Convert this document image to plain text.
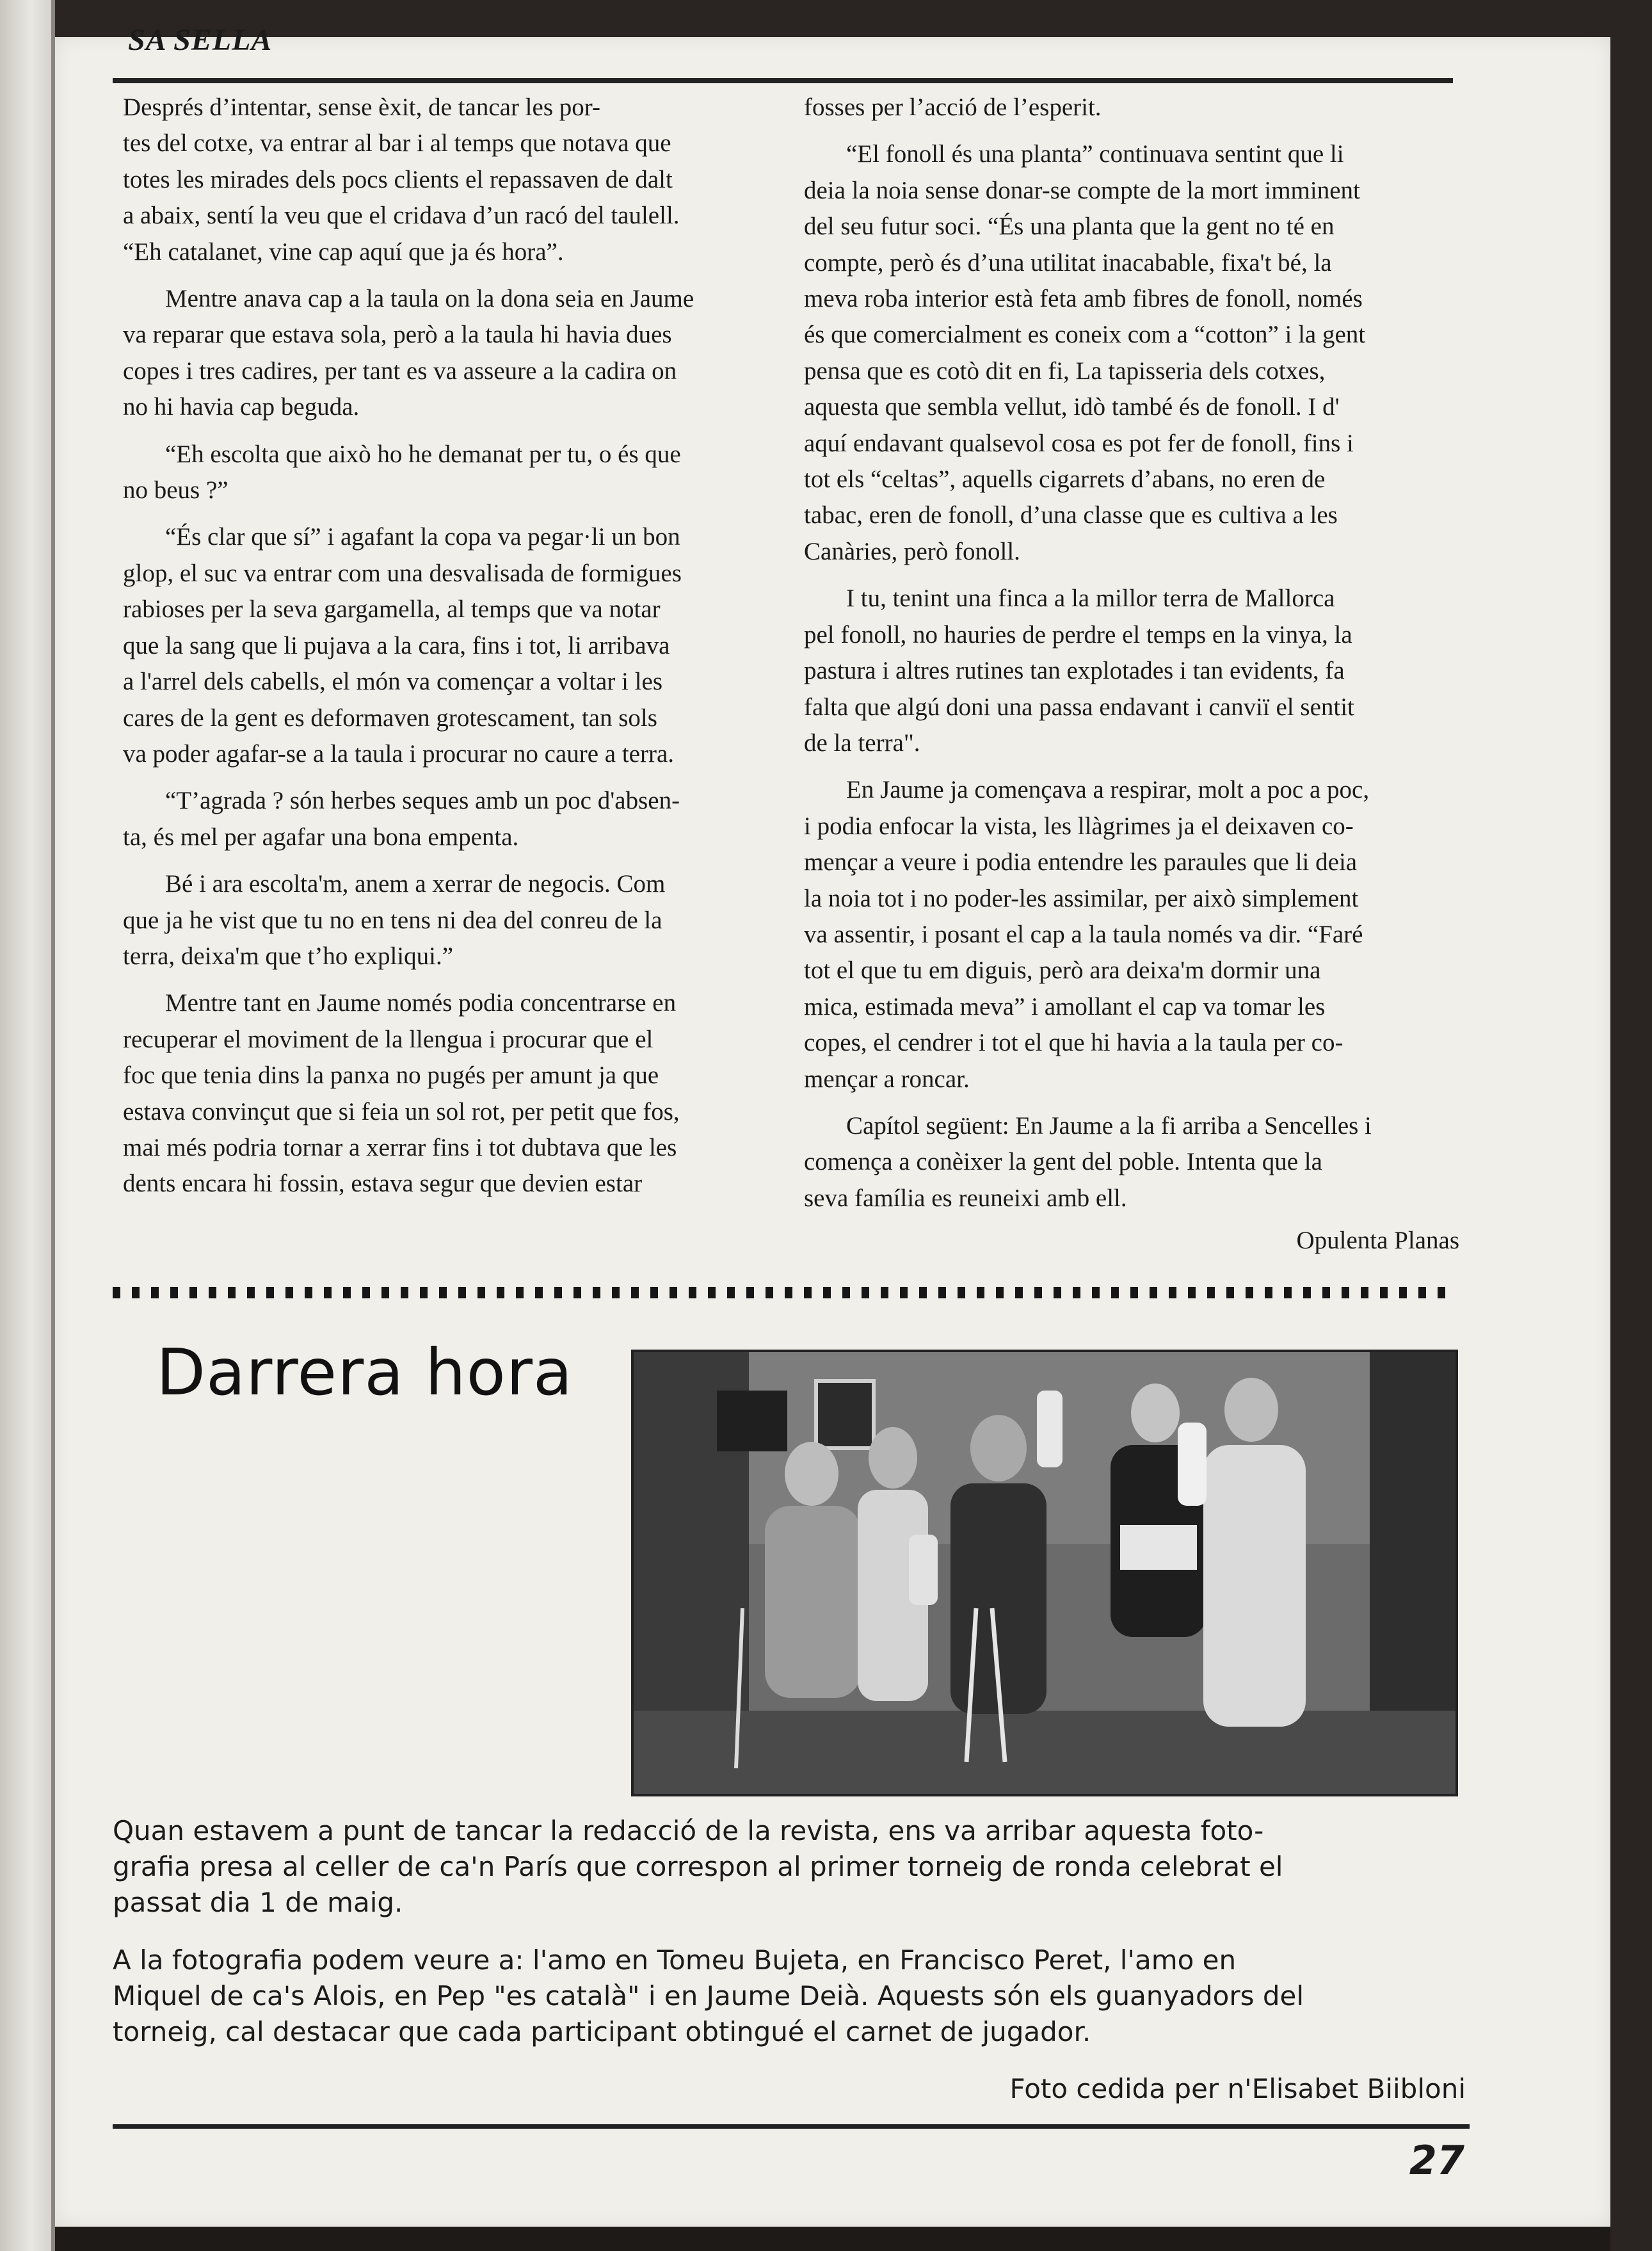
SA SELLA

Després d’intentar, sense èxit, de tancar les por-
tes del cotxe, va entrar al bar i al temps que notava que
totes les mirades dels pocs clients el repassaven de dalt
a abaix, sentí la veu que el cridava d’un racó del taulell.
“Eh catalanet, vine cap aquí que ja és hora”.

Mentre anava cap a la taula on la dona seia en Jaume
va reparar que estava sola, però a la taula hi havia dues
copes i tres cadires, per tant es va asseure a la cadira on
no hi havia cap beguda.

“Eh escolta que això ho he demanat per tu, o és que
no beus ?”

“És clar que sí” i agafant la copa va pegar·li un bon
glop, el suc va entrar com una desvalisada de formigues
rabioses per la seva gargamella, al temps que va notar
que la sang que li pujava a la cara, fins i tot, li arribava
a l'arrel dels cabells, el món va començar a voltar i les
cares de la gent es deformaven grotescament, tan sols
va poder agafar-se a la taula i procurar no caure a terra.

“T’agrada ? són herbes seques amb un poc d'absen-
ta, és mel per agafar una bona empenta.

Bé i ara escolta'm, anem a xerrar de negocis. Com
que ja he vist que tu no en tens ni dea del conreu de la
terra, deixa'm que t’ho expliqui.”

Mentre tant en Jaume només podia concentrarse en
recuperar el moviment de la llengua i procurar que el
foc que tenia dins la panxa no pugés per amunt ja que
estava convinçut que si feia un sol rot, per petit que fos,
mai més podria tornar a xerrar fins i tot dubtava que les
dents encara hi fossin, estava segur que devien estar

fosses per l’acció de l’esperit.

“El fonoll és una planta” continuava sentint que li
deia la noia sense donar-se compte de la mort imminent
del seu futur soci. “És una planta que la gent no té en
compte, però és d’una utilitat inacabable, fixa't bé, la
meva roba interior està feta amb fibres de fonoll, només
és que comercialment es coneix com a “cotton” i la gent
pensa que es cotò dit en fi, La tapisseria dels cotxes,
aquesta que sembla vellut, idò també és de fonoll. I d'
aquí endavant qualsevol cosa es pot fer de fonoll, fins i
tot els “celtas”, aquells cigarrets d’abans, no eren de
tabac, eren de fonoll, d’una classe que es cultiva a les
Canàries, però fonoll.

I tu, tenint una finca a la millor terra de Mallorca
pel fonoll, no hauries de perdre el temps en la vinya, la
pastura i altres rutines tan explotades i tan evidents, fa
falta que algú doni una passa endavant i canviï el sentit
de la terra".

En Jaume ja començava a respirar, molt a poc a poc,
i podia enfocar la vista, les llàgrimes ja el deixaven co-
mençar a veure i podia entendre les paraules que li deia
la noia tot i no poder-les assimilar, per això simplement
va assentir, i posant el cap a la taula només va dir. “Faré
tot el que tu em diguis, però ara deixa'm dormir una
mica, estimada meva” i amollant el cap va tomar les
copes, el cendrer i tot el que hi havia a la taula per co-
mençar a roncar.

Capítol següent: En Jaume a la fi arriba a Sencelles i
comença a conèixer la gent del poble. Intenta que la
seva família es reuneixi amb ell.

Opulenta Planas
Darrera hora
Quan estavem a punt de tancar la redacció de la revista, ens va arribar aquesta foto-
grafia presa al celler de ca'n París que correspon al primer torneig de ronda celebrat el
passat dia 1 de maig.
A la fotografia podem veure a: l'amo en Tomeu Bujeta, en Francisco Peret, l'amo en
Miquel de ca's Alois, en Pep "es català" i en Jaume Deià. Aquests són els guanyadors del
torneig, cal destacar que cada participant obtingué el carnet de jugador.
Foto cedida per n'Elisabet Biibloni
27
